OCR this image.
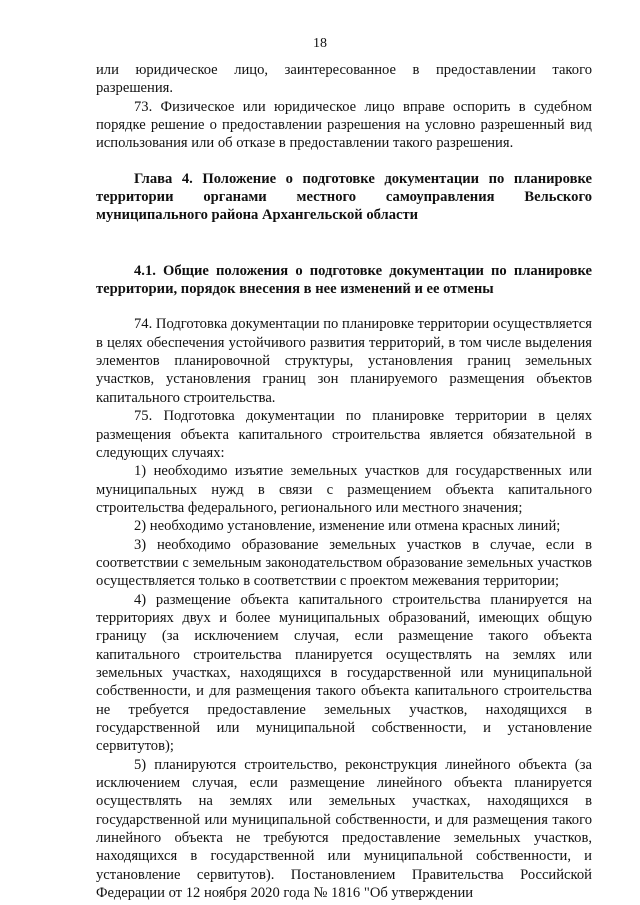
18

или юридическое лицо, заинтересованное в предоставлении такого разрешения.

73. Физическое или юридическое лицо вправе оспорить в судебном порядке решение о предоставлении разрешения на условно разрешенный вид использования или об отказе в предоставлении такого разрешения.

Глава 4. Положение о подготовке документации по планировке территории органами местного самоуправления Вельского муниципального района Архангельской области

4.1. Общие положения о подготовке документации по планировке территории, порядок внесения в нее изменений и ее отмены

74. Подготовка документации по планировке территории осуществляется в целях обеспечения устойчивого развития территорий, в том числе выделения элементов планировочной структуры, установления границ земельных участков, установления границ зон планируемого размещения объектов капитального строительства.

75. Подготовка документации по планировке территории в целях размещения объекта капитального строительства является обязательной в следующих случаях:

1) необходимо изъятие земельных участков для государственных или муниципальных нужд в связи с размещением объекта капитального строительства федерального, регионального или местного значения;

2) необходимо установление, изменение или отмена красных линий;

3) необходимо образование земельных участков в случае, если в соответствии с земельным законодательством образование земельных участков осуществляется только в соответствии с проектом межевания территории;

4) размещение объекта капитального строительства планируется на территориях двух и более муниципальных образований, имеющих общую границу (за исключением случая, если размещение такого объекта капитального строительства планируется осуществлять на землях или земельных участках, находящихся в государственной или муниципальной собственности, и для размещения такого объекта капитального строительства не требуется предоставление земельных участков, находящихся в государственной или муниципальной собственности, и установление сервитутов);

5) планируются строительство, реконструкция линейного объекта (за исключением случая, если размещение линейного объекта планируется осуществлять на землях или земельных участках, находящихся в государственной или муниципальной собственности, и для размещения такого линейного объекта не требуются предоставление земельных участков, находящихся в государственной или муниципальной собственности, и установление сервитутов). Постановлением Правительства Российской Федерации от 12 ноября 2020 года № 1816 "Об утверждении
